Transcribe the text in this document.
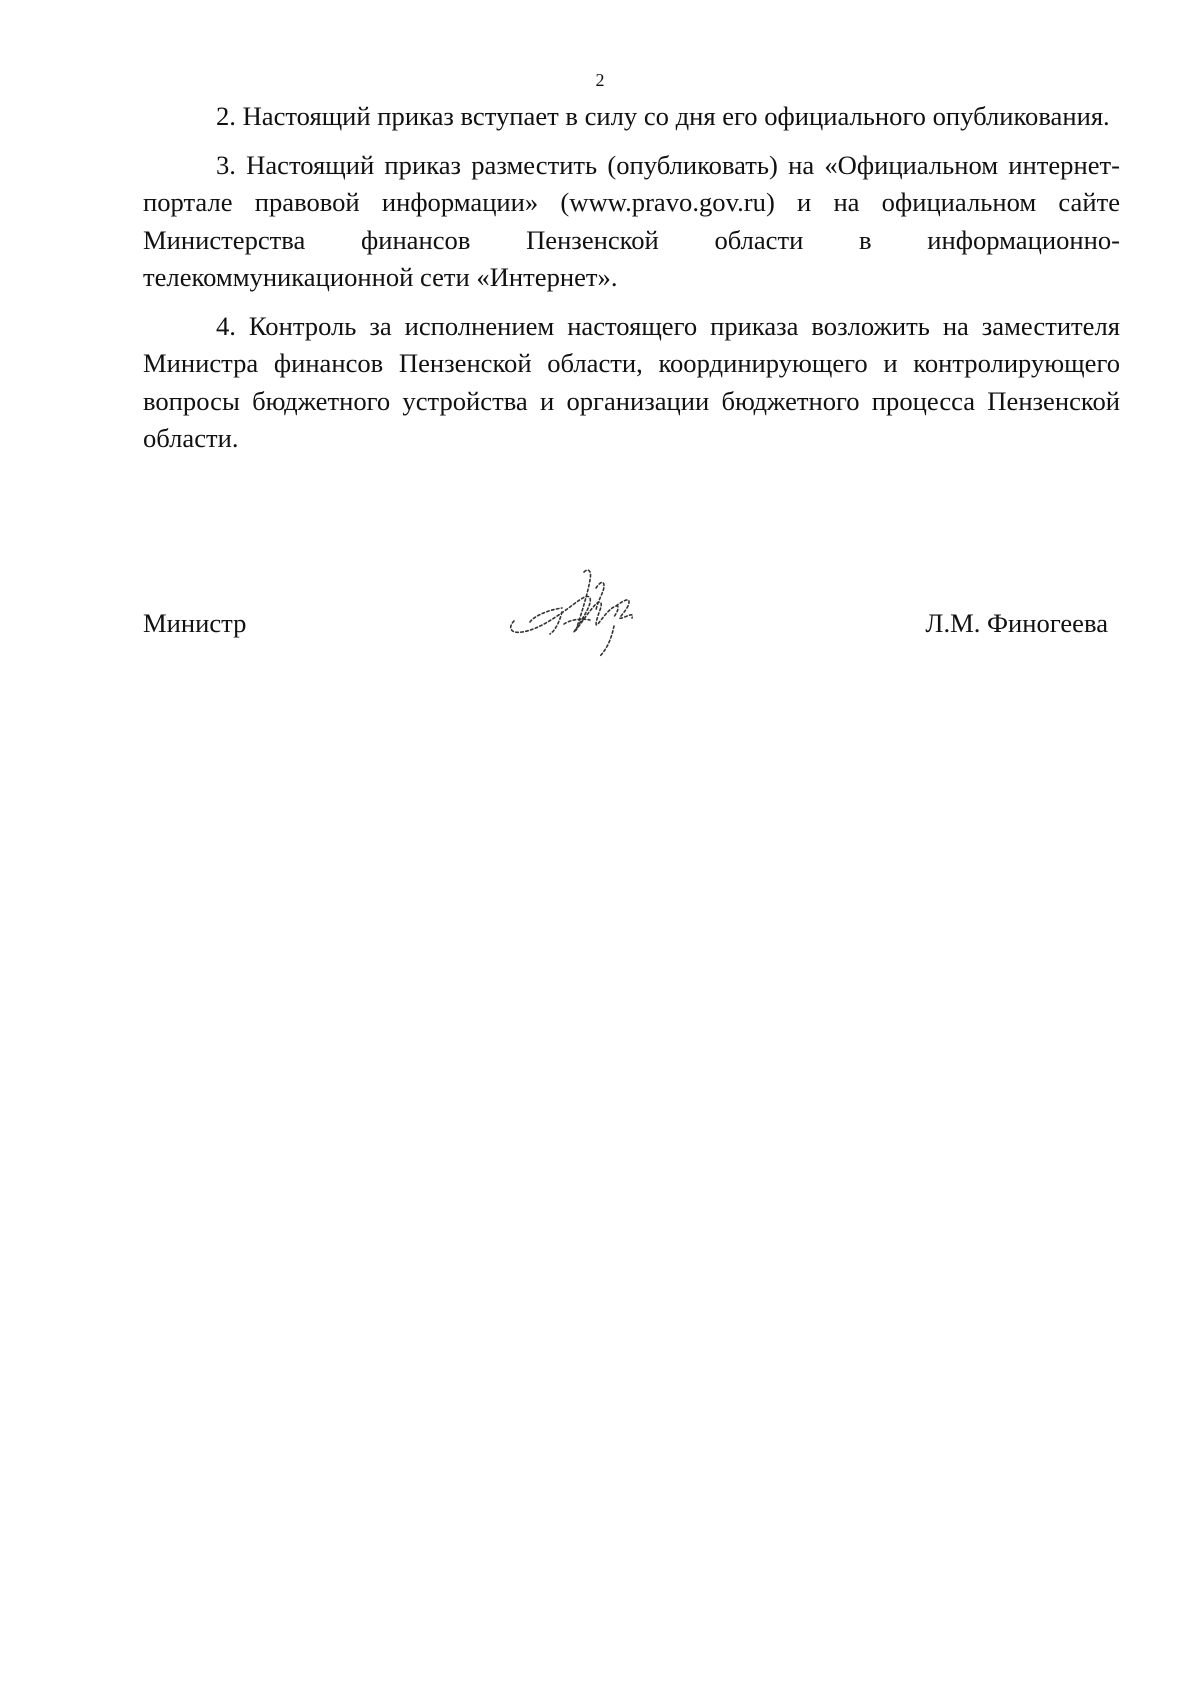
2

2. Настоящий приказ вступает в силу со дня его официального опубликования.

3. Настоящий приказ разместить (опубликовать) на «Официальном интернет-портале правовой информации» (www.pravo.gov.ru) и на официальном сайте Министерства финансов Пензенской области в информационно-телекоммуникационной сети «Интернет».

4. Контроль за исполнением настоящего приказа возложить на заместителя Министра финансов Пензенской области, координирующего и контролирующего вопросы бюджетного устройства и организации бюджетного процесса Пензенской области.

Министр	Л.М. Финогеева
